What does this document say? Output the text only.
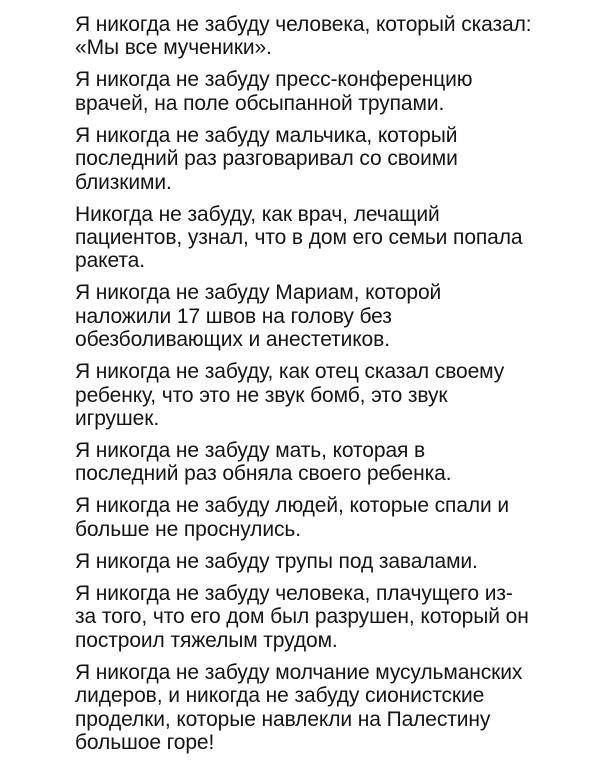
Я никогда не забуду человека, который сказал:
«Мы все мученики».

Я никогда не забуду пресс-конференцию
врачей, на поле обсыпанной трупами.

Я никогда не забуду мальчика, который
последний раз разговаривал со своими
близкими.

Никогда не забуду, как врач, лечащий
пациентов, узнал, что в дом его семьи попала
ракета.

Я никогда не забуду Мариам, которой
наложили 17 швов на голову без
обезболивающих и анестетиков.

Я никогда не забуду, как отец сказал своему
ребенку, что это не звук бомб, это звук
игрушек.

Я никогда не забуду мать, которая в
последний раз обняла своего ребенка.

Я никогда не забуду людей, которые спали и
больше не проснулись.

Я никогда не забуду трупы под завалами.

Я никогда не забуду человека, плачущего из-
за того, что его дом был разрушен, который он
построил тяжелым трудом.

Я никогда не забуду молчание мусульманских
лидеров, и никогда не забуду сионистские
проделки, которые навлекли на Палестину
большое горе!
